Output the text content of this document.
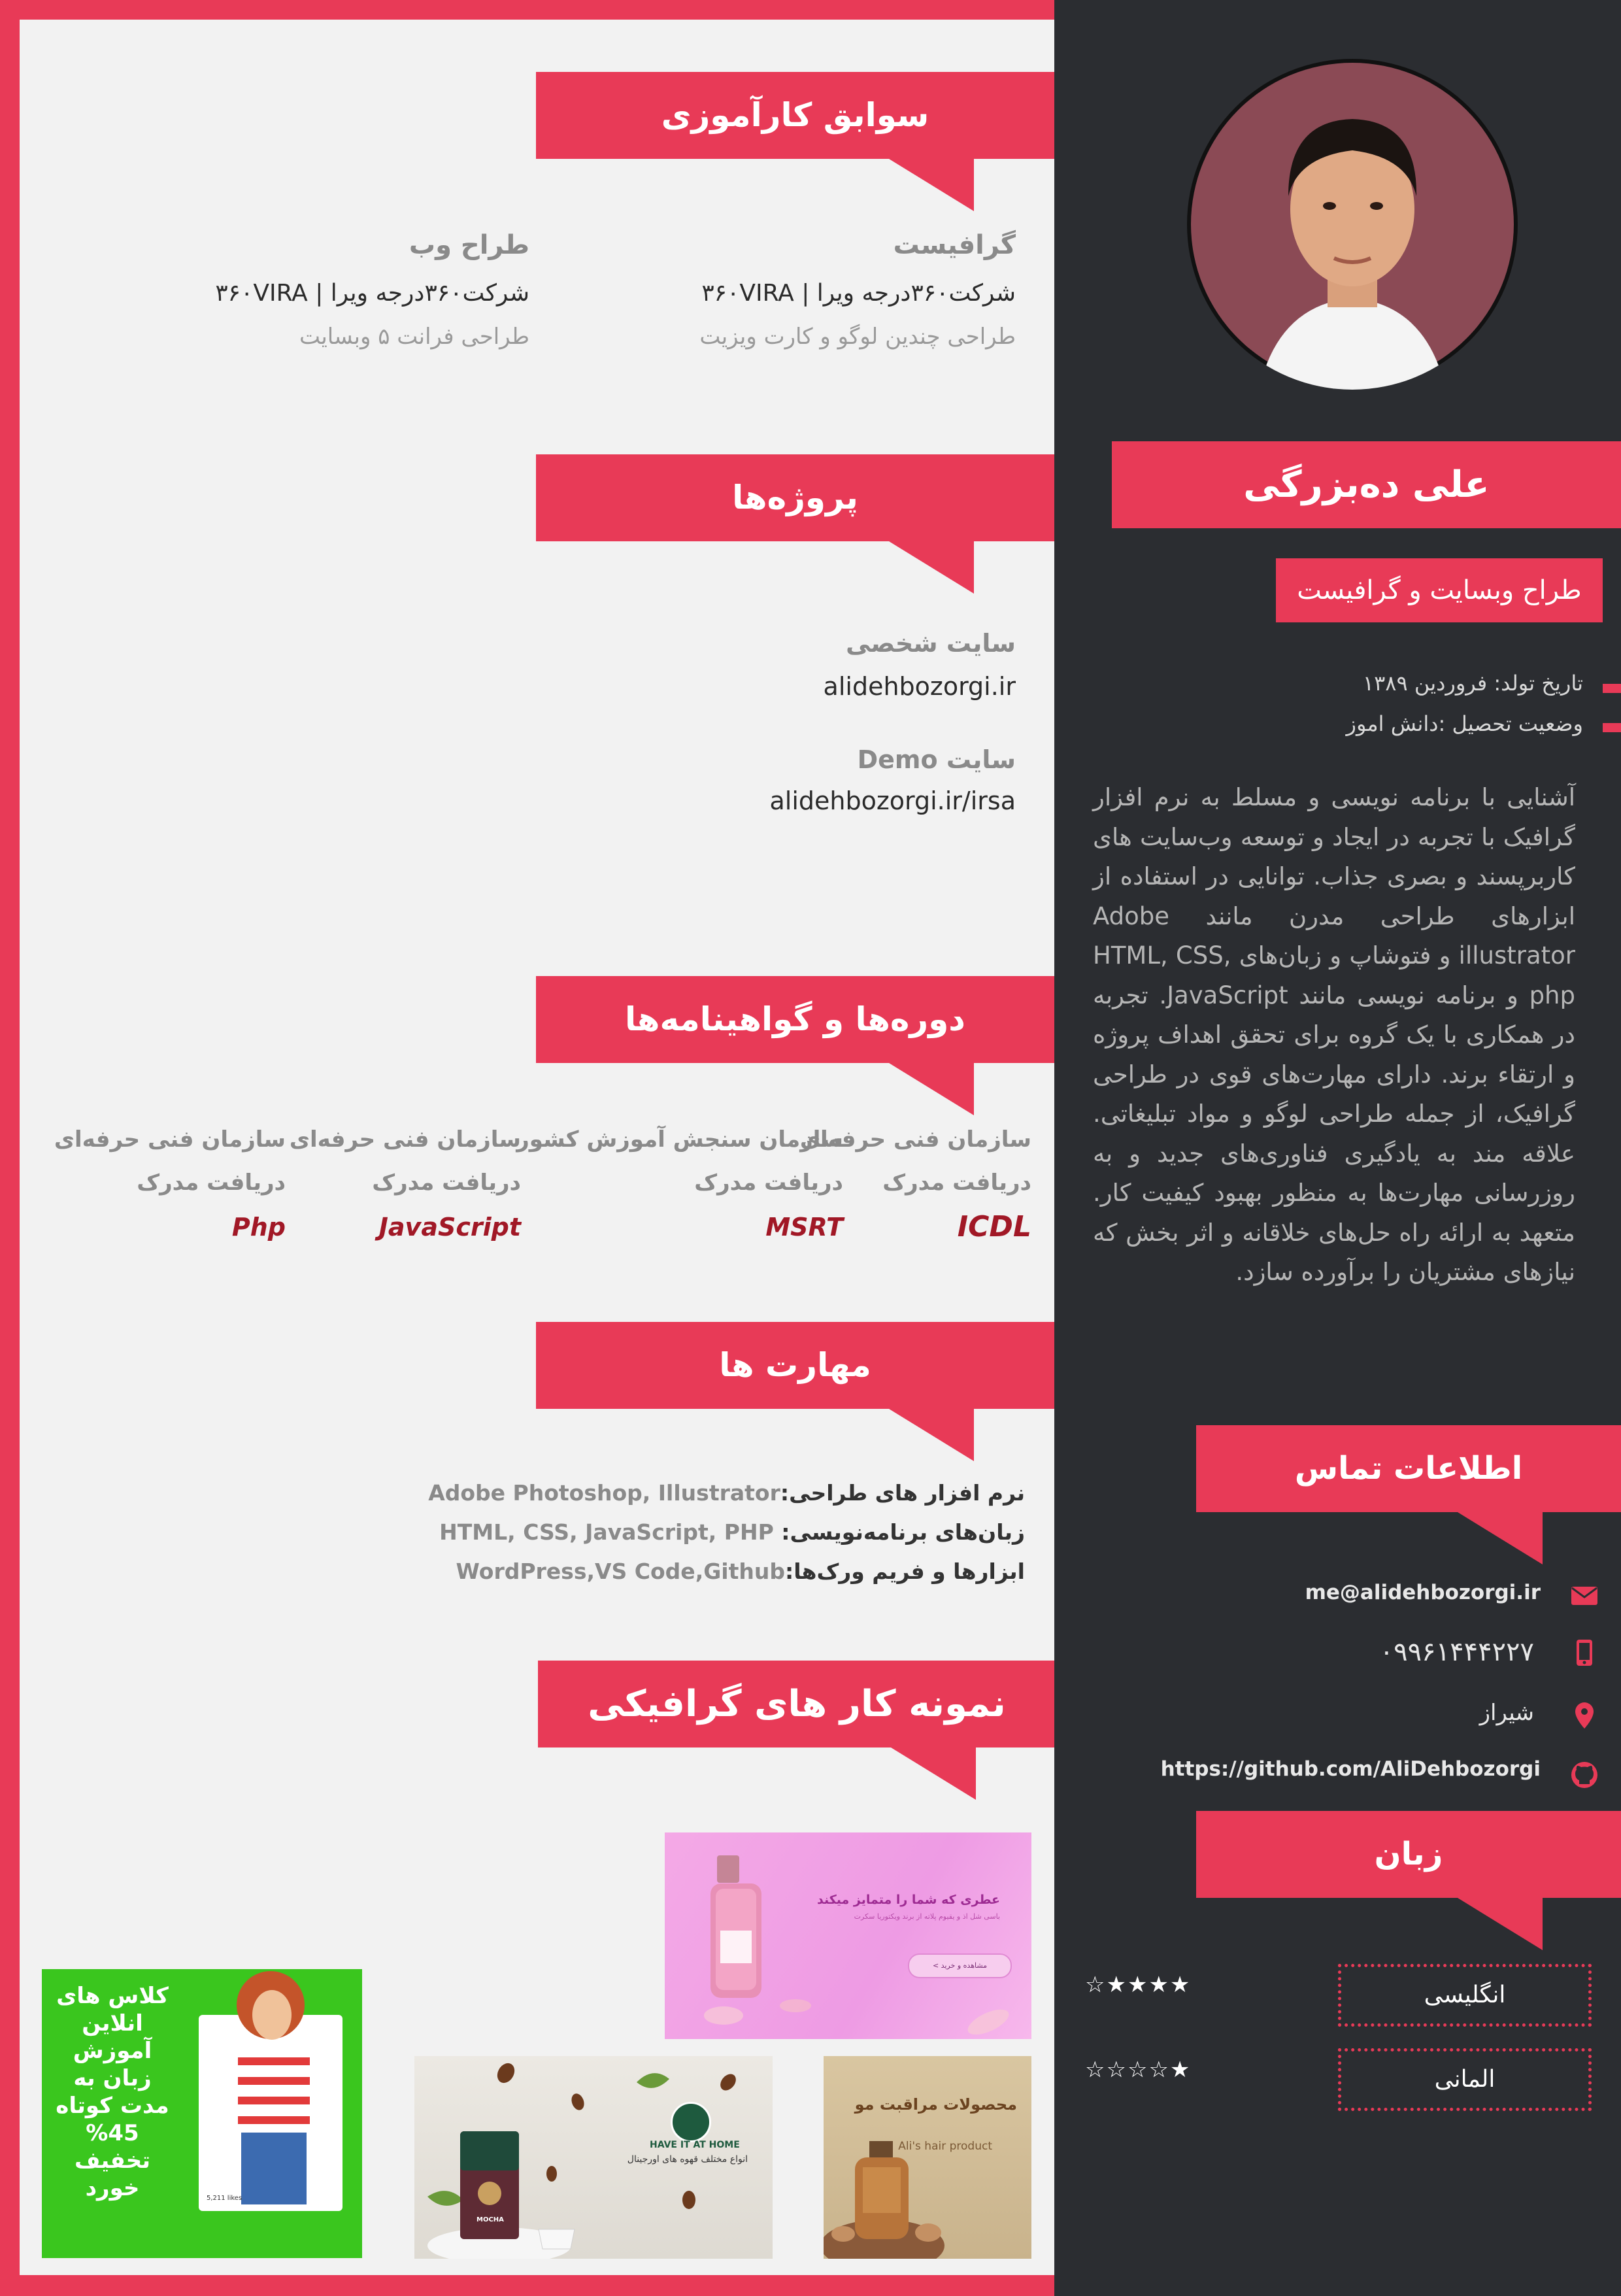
سوابق کارآموزی
گرافیست
شرکت۳۶۰درجه ویرا | ۳۶۰VIRA
طراحی چندین لوگو و کارت ویزیت
طراح وب
شرکت۳۶۰درجه ویرا | ۳۶۰VIRA
طراحی فرانت ۵ وبسایت
پروژه‌ها
سایت شخصی
alidehbozorgi.ir
سایت Demo
alidehbozorgi.ir/irsa
دوره‌ها و گواهینامه‌ها
سازمان فنی حرفه‌ای
دریافت مدرک
ICDL
سازمان سنجش آموزش کشور
دریافت مدرک
MSRT
سازمان فنی حرفه‌ای
دریافت مدرک
JavaScript
سازمان فنی حرفه‌ای
دریافت مدرک
Php
مهارت ها
نرم افزار های طراحی:Adobe Photoshop, Illustrator
زبان‌های برنامه‌نویسی: HTML, CSS, JavaScript, PHP
ابزارها و فریم ورک‌ها:WordPress,VS Code,Github
نمونه کار های گرافیکی
عطری که شما را متمایز میکند
باسی شل اذ و یقیوم پلاته از برند ویکتوریا سکرت
مشاهده و خرید >
محصولات مراقبت مو
Ali's hair product
MOCHA
HAVE IT AT HOME
انواع مختلف قهوه های اورجینال
کلاس های انلاین آموزش زبان به مدت کوتاه 45% تخفیف خورد	5,211 likes
علی ده‌بزرگی
طراح وبسایت و گرافیست
تاریخ تولد: فروردین ۱۳۸۹
وضعیت تحصیل :دانش اموز
آشنایی با برنامه نویسی و مسلط به نرم افزار گرافیک با تجربه در ایجاد و توسعه وب‌سایت های کاربرپسند و بصری جذاب. توانایی در استفاده از ابزارهای طراحی مدرن مانند Adobe illustrator و فتوشاپ و زبان‌های HTML, CSS, php و برنامه نویسی مانند JavaScript. تجربه در همکاری با یک گروه برای تحقق اهداف پروژه و ارتقاء برند. دارای مهارت‌های قوی در طراحی گرافیک، از جمله طراحی لوگو و مواد تبلیغاتی. علاقه مند به یادگیری فناوری‌های جدید و به روزرسانی مهارت‌ها به منظور بهبود کیفیت کار. متعهد به ارائه راه حل‌های خلاقانه و اثر بخش که نیازهای مشتریان را برآورده سازد.
اطلاعات تماس
me@alidehbozorgi.ir
۰۹۹۶۱۴۴۴۲۲۷
شیراز
https://github.com/AliDehbozorgi
زبان
انگلیسی
☆★★★★
المانی
☆☆☆☆★
